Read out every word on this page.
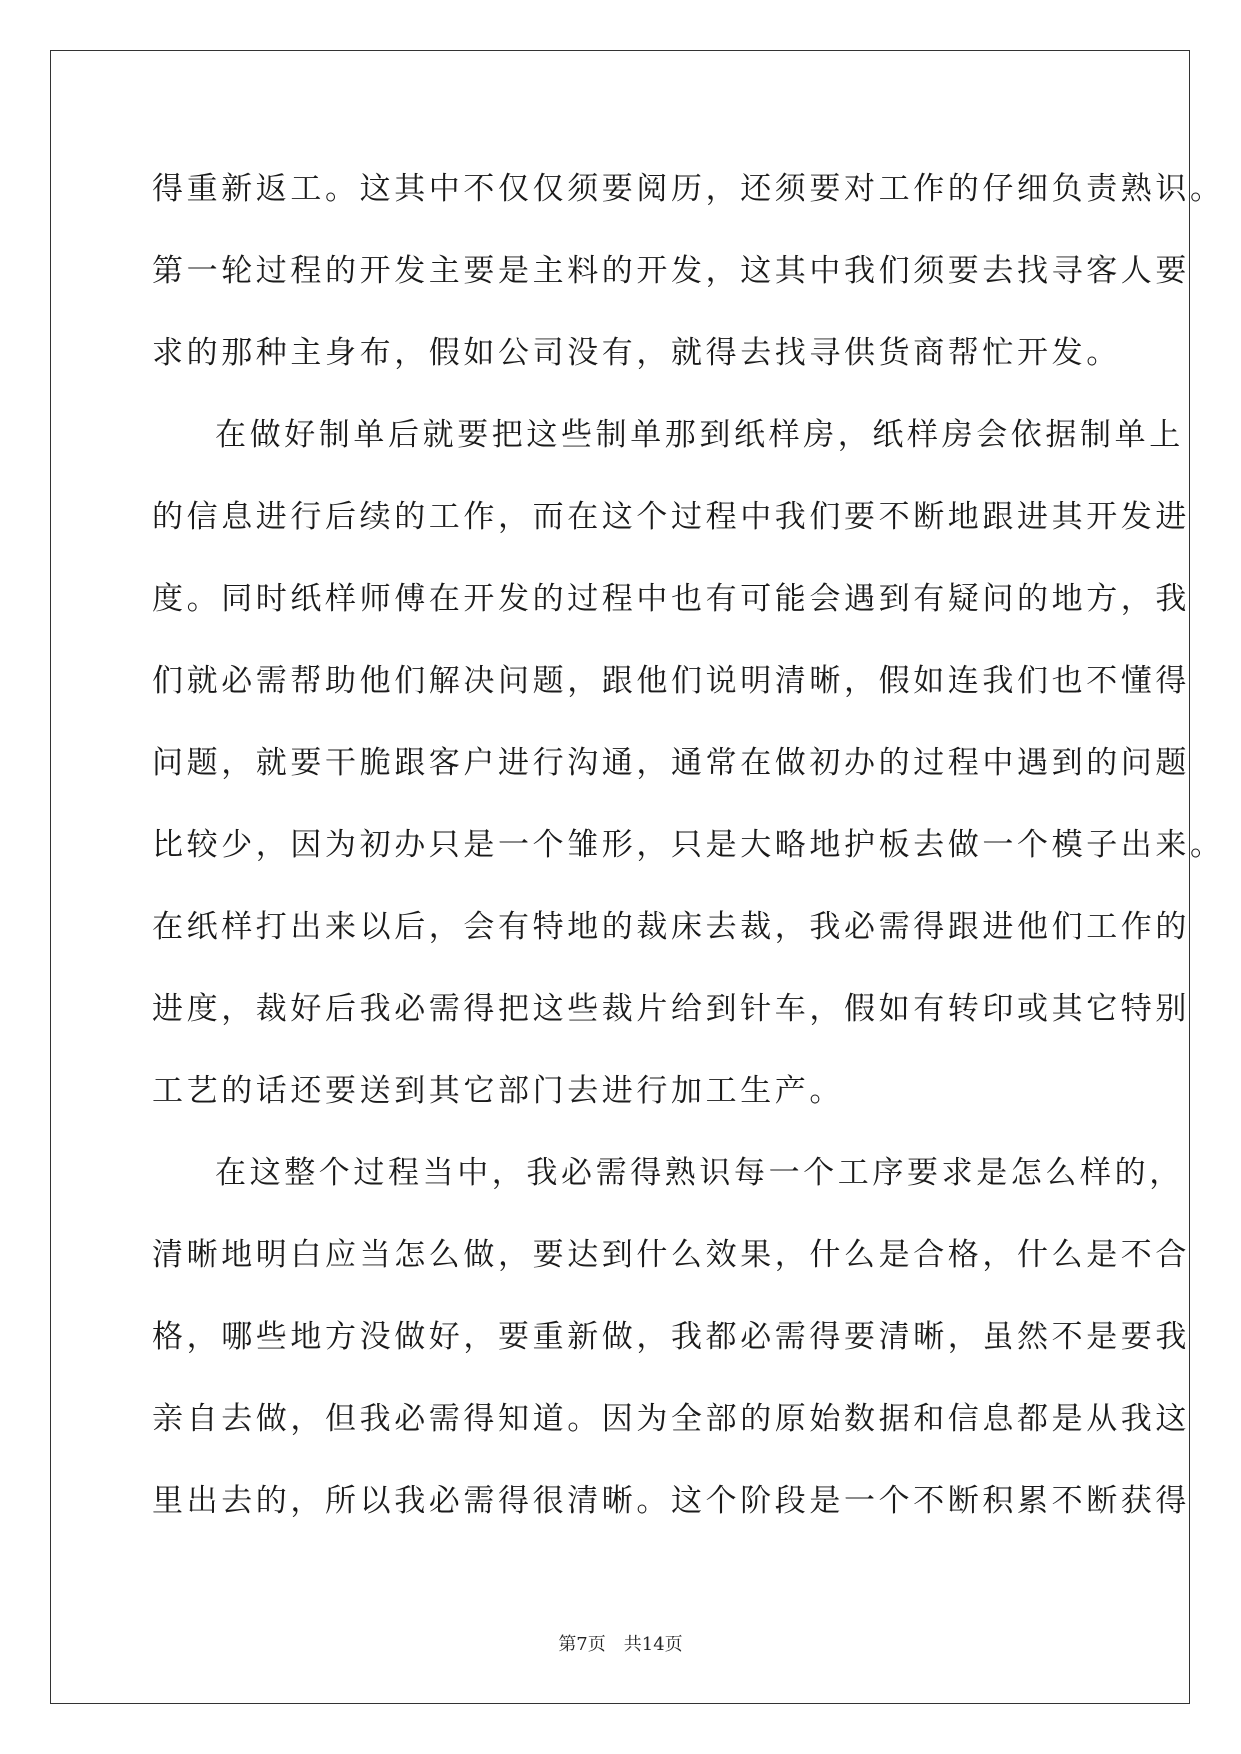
得重新返工。这其中不仅仅须要阅历，还须要对工作的仔细负责熟识。
第一轮过程的开发主要是主料的开发，这其中我们须要去找寻客人要
求的那种主身布，假如公司没有，就得去找寻供货商帮忙开发。
在做好制单后就要把这些制单那到纸样房，纸样房会依据制单上
的信息进行后续的工作，而在这个过程中我们要不断地跟进其开发进
度。同时纸样师傅在开发的过程中也有可能会遇到有疑问的地方，我
们就必需帮助他们解决问题，跟他们说明清晰，假如连我们也不懂得
问题，就要干脆跟客户进行沟通，通常在做初办的过程中遇到的问题
比较少，因为初办只是一个雏形，只是大略地护板去做一个模子出来。
在纸样打出来以后，会有特地的裁床去裁，我必需得跟进他们工作的
进度，裁好后我必需得把这些裁片给到针车，假如有转印或其它特别
工艺的话还要送到其它部门去进行加工生产。
在这整个过程当中，我必需得熟识每一个工序要求是怎么样的，
清晰地明白应当怎么做，要达到什么效果，什么是合格，什么是不合
格，哪些地方没做好，要重新做，我都必需得要清晰，虽然不是要我
亲自去做，但我必需得知道。因为全部的原始数据和信息都是从我这
里出去的，所以我必需得很清晰。这个阶段是一个不断积累不断获得
第7页 共14页
